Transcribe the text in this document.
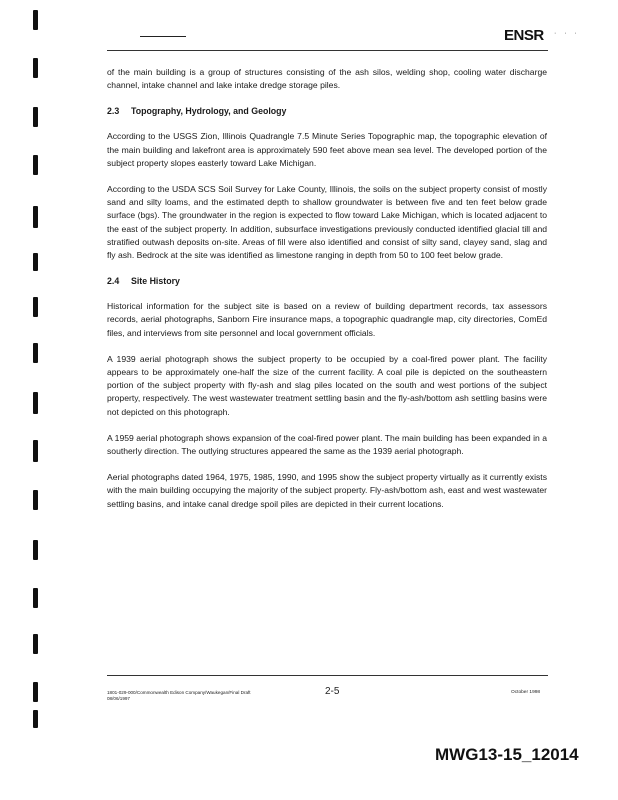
ENSR · · ·

of the main building is a group of structures consisting of the ash silos, welding shop, cooling water discharge channel, intake channel and lake intake dredge storage piles.

2.3 Topography, Hydrology, and Geology

According to the USGS Zion, Illinois Quadrangle 7.5 Minute Series Topographic map, the topographic elevation of the main building and lakefront area is approximately 590 feet above mean sea level. The developed portion of the subject property slopes easterly toward Lake Michigan.

According to the USDA SCS Soil Survey for Lake County, Illinois, the soils on the subject property consist of mostly sand and silty loams, and the estimated depth to shallow groundwater is between five and ten feet below grade surface (bgs). The groundwater in the region is expected to flow toward Lake Michigan, which is located adjacent to the east of the subject property. In addition, subsurface investigations previously conducted identified glacial till and stratified outwash deposits on-site. Areas of fill were also identified and consist of silty sand, clayey sand, slag and fly ash. Bedrock at the site was identified as limestone ranging in depth from 50 to 100 feet below grade.

2.4 Site History

Historical information for the subject site is based on a review of building department records, tax assessors records, aerial photographs, Sanborn Fire insurance maps, a topographic quadrangle map, city directories, ComEd files, and interviews from site personnel and local government officials.

A 1939 aerial photograph shows the subject property to be occupied by a coal-fired power plant. The facility appears to be approximately one-half the size of the current facility. A coal pile is depicted on the southeastern portion of the subject property with fly-ash and slag piles located on the south and west portions of the subject property, respectively. The west wastewater treatment settling basin and the fly-ash/bottom ash settling basins were not depicted on this photograph.

A 1959 aerial photograph shows expansion of the coal-fired power plant. The main building has been expanded in a southerly direction. The outlying structures appeared the same as the 1939 aerial photograph.

Aerial photographs dated 1964, 1975, 1985, 1990, and 1995 show the subject property virtually as it currently exists with the main building occupying the majority of the subject property. Fly-ash/bottom ash, east and west wastewater settling basins, and intake canal dredge spoil piles are depicted in their current locations.

1801-029-000/Commonwealth Edison Company/Waukegan/Final Draft
08/06/1997
2-5	October 1998
MWG13-15_12014
